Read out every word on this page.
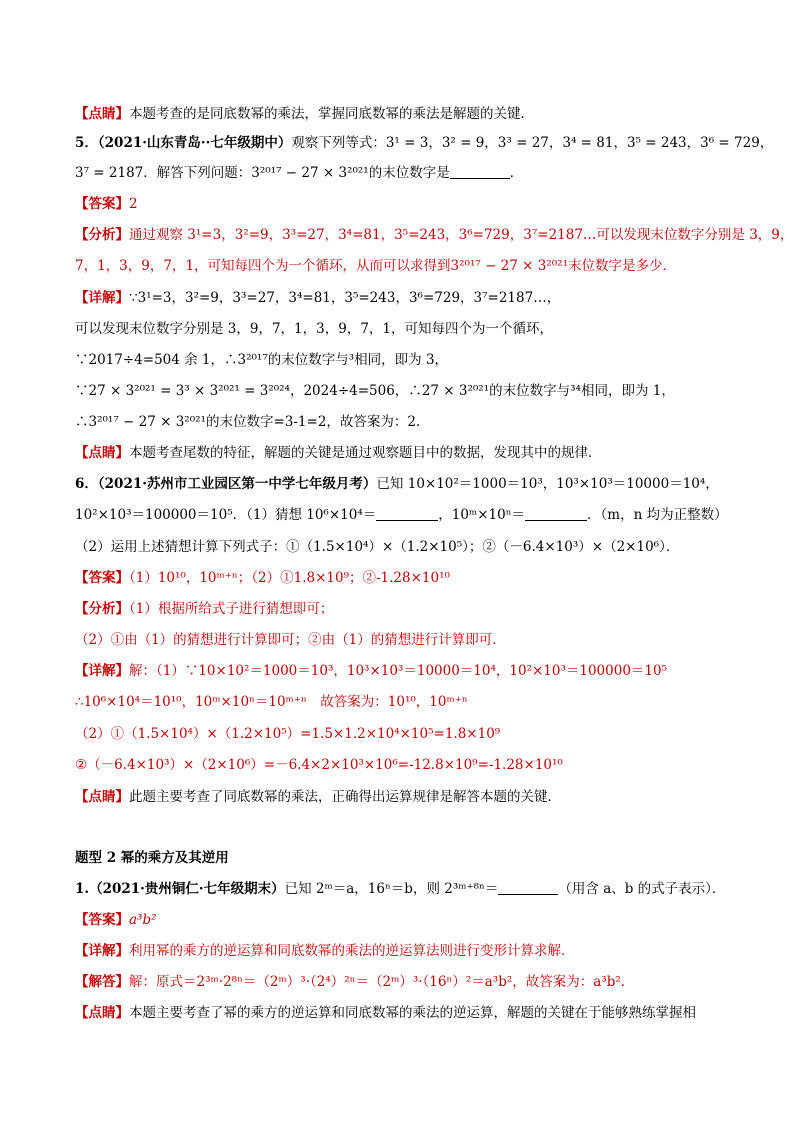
【点睛】本题考查的是同底数幂的乘法，掌握同底数幂的乘法是解题的关键．
5．（2021·山东青岛··七年级期中）观察下列等式：3¹ = 3，3² = 9，3³ = 27，3⁴ = 81，3⁵ = 243，3⁶ = 729，
3⁷ = 2187．解答下列问题：3²⁰¹⁷ − 27 × 3²⁰²¹的末位数字是	．
【答案】2
【分析】通过观察 3¹=3，3²=9，3³=27，3⁴=81，3⁵=243，3⁶=729，3⁷=2187…可以发现末位数字分别是 3，9，
7，1，3，9，7，1，可知每四个为一个循环，从而可以求得到3²⁰¹⁷ − 27 × 3²⁰²¹末位数字是多少．
【详解】∵3¹=3，3²=9，3³=27，3⁴=81，3⁵=243，3⁶=729，3⁷=2187…，
可以发现末位数字分别是 3，9，7，1，3，9，7，1，可知每四个为一个循环，
∵2017÷4=504 余 1，∴3²⁰¹⁷的末位数字与³相同，即为 3，
∵27 × 3²⁰²¹ = 3³ × 3²⁰²¹ = 3²⁰²⁴，2024÷4=506，∴27 × 3²⁰²¹的末位数字与³⁴相同，即为 1，
∴3²⁰¹⁷ − 27 × 3²⁰²¹的末位数字=3-1=2，故答案为：2.
【点睛】本题考查尾数的特征，解题的关键是通过观察题目中的数据，发现其中的规律．
6．（2021·苏州市工业园区第一中学七年级月考）已知 10×10²＝1000＝10³，10³×10³＝10000＝10⁴，
10²×10³＝100000＝10⁵．（1）猜想 10⁶×10⁴＝	，10ᵐ×10ⁿ＝	．（m，n 均为正整数）
（2）运用上述猜想计算下列式子：①（1.5×10⁴）×（1.2×10⁵）；②（－6.4×10³）×（2×10⁶）．
【答案】（1）10¹⁰，10ᵐ⁺ⁿ；（2）①1.8×10⁹；②-1.28×10¹⁰
【分析】（1）根据所给式子进行猜想即可；
（2）①由（1）的猜想进行计算即可；②由（1）的猜想进行计算即可．
【详解】解：（1）∵10×10²＝1000＝10³，10³×10³＝10000＝10⁴，10²×10³＝100000＝10⁵
∴10⁶×10⁴＝10¹⁰，10ᵐ×10ⁿ＝10ᵐ⁺ⁿ　故答案为：10¹⁰，10ᵐ⁺ⁿ
（2）①（1.5×10⁴）×（1.2×10⁵）=1.5×1.2×10⁴×10⁵=1.8×10⁹
②（－6.4×10³）×（2×10⁶）=－6.4×2×10³×10⁶=-12.8×10⁹=-1.28×10¹⁰
【点睛】此题主要考查了同底数幂的乘法，正确得出运算规律是解答本题的关键．
题型 2 幂的乘方及其逆用
1.（2021·贵州铜仁·七年级期末）已知 2ᵐ＝a，16ⁿ＝b，则 2³ᵐ⁺⁸ⁿ＝	（用含 a、b 的式子表示）．
【答案】a³b²
【详解】利用幂的乘方的逆运算和同底数幂的乘法的逆运算法则进行变形计算求解．
【解答】解：原式＝2³ᵐ·2⁸ⁿ＝（2ᵐ）³·（2⁴）²ⁿ＝（2ᵐ）³·（16ⁿ）²＝a³b²，故答案为：a³b²．
【点睛】本题主要考查了幂的乘方的逆运算和同底数幂的乘法的逆运算，解题的关键在于能够熟练掌握相
